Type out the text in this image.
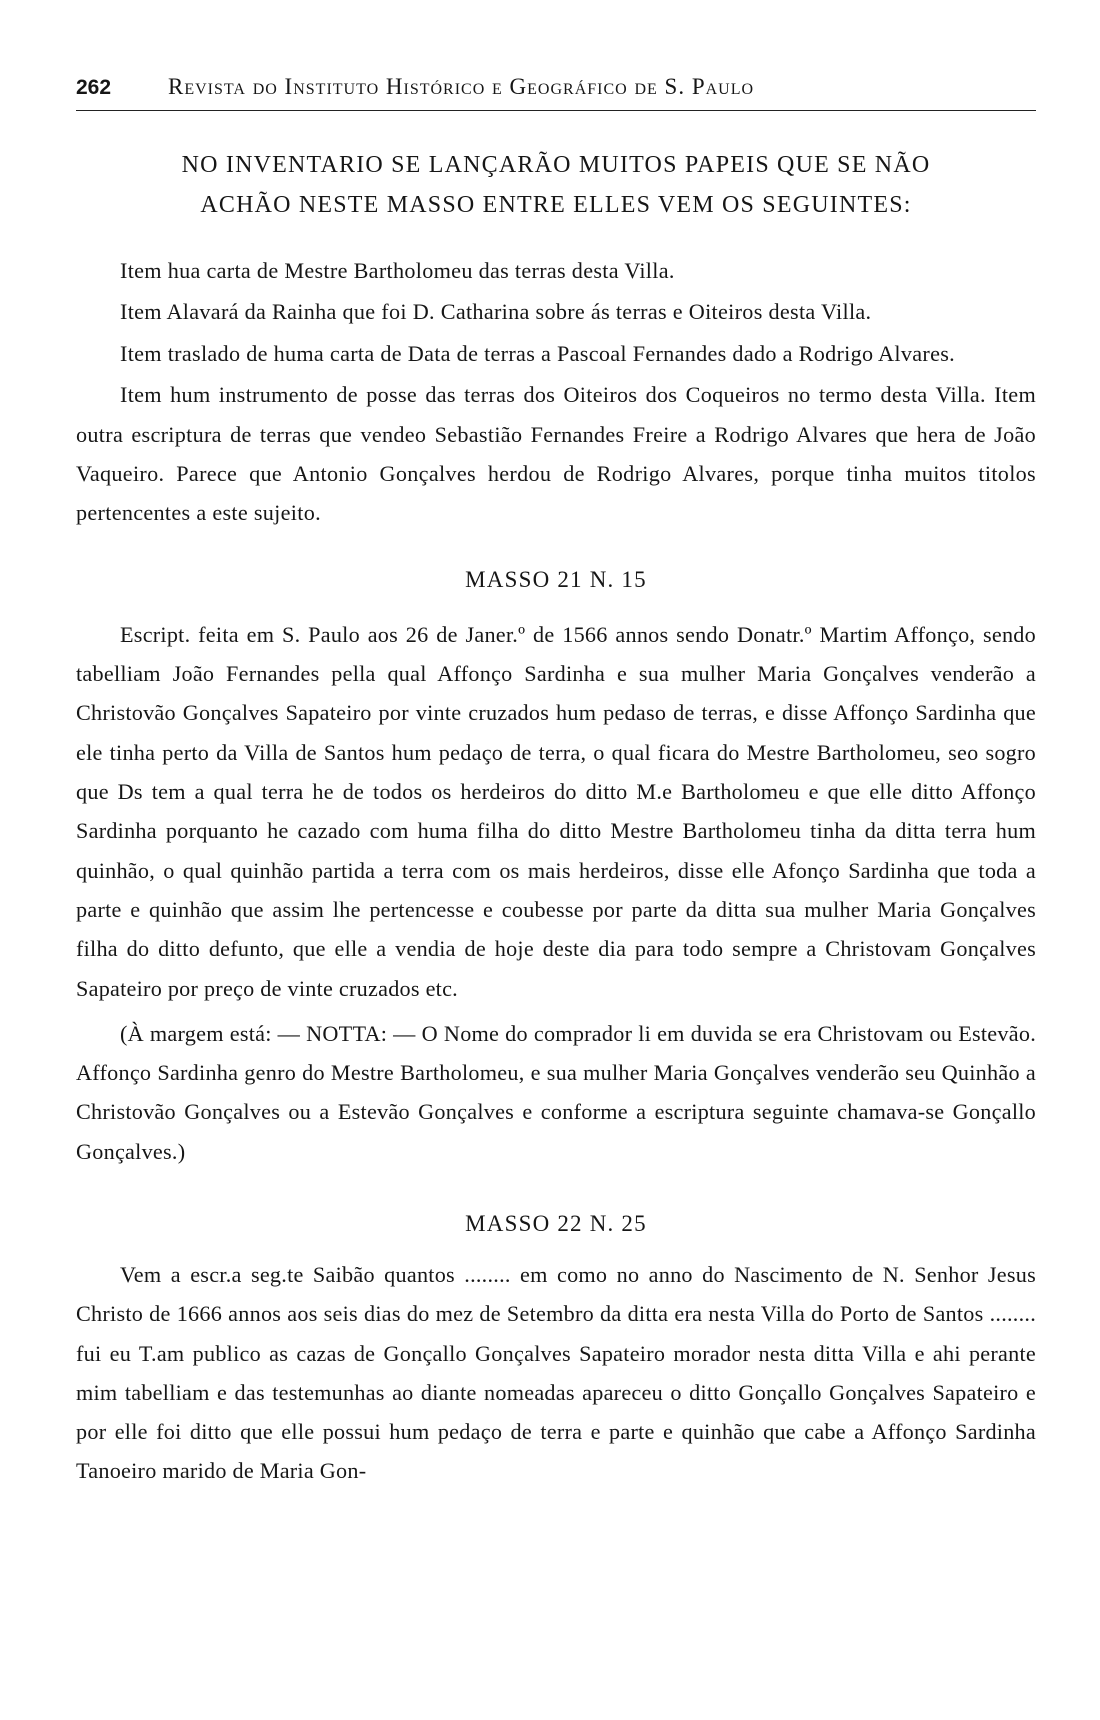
262	Revista do Instituto Histórico e Geográfico de S. Paulo
NO INVENTARIO SE LANÇARÃO MUITOS PAPEIS QUE SE NÃO
ACHÃO NESTE MASSO ENTRE ELLES VEM OS SEGUINTES:

Item hua carta de Mestre Bartholomeu das terras desta Villa.

Item Alavará da Rainha que foi D. Catharina sobre ás terras e Oiteiros desta Villa.

Item traslado de huma carta de Data de terras a Pascoal Fernandes dado a Rodrigo Alvares.

Item hum instrumento de posse das terras dos Oiteiros dos Coqueiros no termo desta Villa. Item outra escriptura de terras que vendeo Sebastião Fernandes Freire a Rodrigo Alvares que hera de João Vaqueiro. Parece que Antonio Gonçalves herdou de Rodrigo Alvares, porque tinha muitos titolos pertencentes a este sujeito.

MASSO 21 N. 15

Escript. feita em S. Paulo aos 26 de Janer.º de 1566 annos sendo Donatr.º Martim Affonço, sendo tabelliam João Fernandes pella qual Affonço Sardinha e sua mulher Maria Gonçalves venderão a Christovão Gonçalves Sapateiro por vinte cruzados hum pedaso de terras, e disse Affonço Sardinha que ele tinha perto da Villa de Santos hum pedaço de terra, o qual ficara do Mestre Bartholomeu, seo sogro que Ds tem a qual terra he de todos os herdeiros do ditto M.e Bartholomeu e que elle ditto Affonço Sardinha porquanto he cazado com huma filha do ditto Mestre Bartholomeu tinha da ditta terra hum quinhão, o qual quinhão partida a terra com os mais herdeiros, disse elle Afonço Sardinha que toda a parte e quinhão que assim lhe pertencesse e coubesse por parte da ditta sua mulher Maria Gonçalves filha do ditto defunto, que elle a vendia de hoje deste dia para todo sempre a Christovam Gonçalves Sapateiro por preço de vinte cruzados etc.

(À margem está: — NOTTA: — O Nome do comprador li em duvida se era Christovam ou Estevão. Affonço Sardinha genro do Mestre Bartholomeu, e sua mulher Maria Gonçalves venderão seu Quinhão a Christovão Gonçalves ou a Estevão Gonçalves e conforme a escriptura seguinte chamava-se Gonçallo Gonçalves.)

MASSO 22 N. 25

Vem a escr.a seg.te Saibão quantos ........ em como no anno do Nascimento de N. Senhor Jesus Christo de 1666 annos aos seis dias do mez de Setembro da ditta era nesta Villa do Porto de Santos ........ fui eu T.am publico as cazas de Gonçallo Gonçalves Sapateiro morador nesta ditta Villa e ahi perante mim tabelliam e das testemunhas ao diante nomeadas apareceu o ditto Gonçallo Gonçalves Sapateiro e por elle foi ditto que elle possui hum pedaço de terra e parte e quinhão que cabe a Affonço Sardinha Tanoeiro marido de Maria Gon-
